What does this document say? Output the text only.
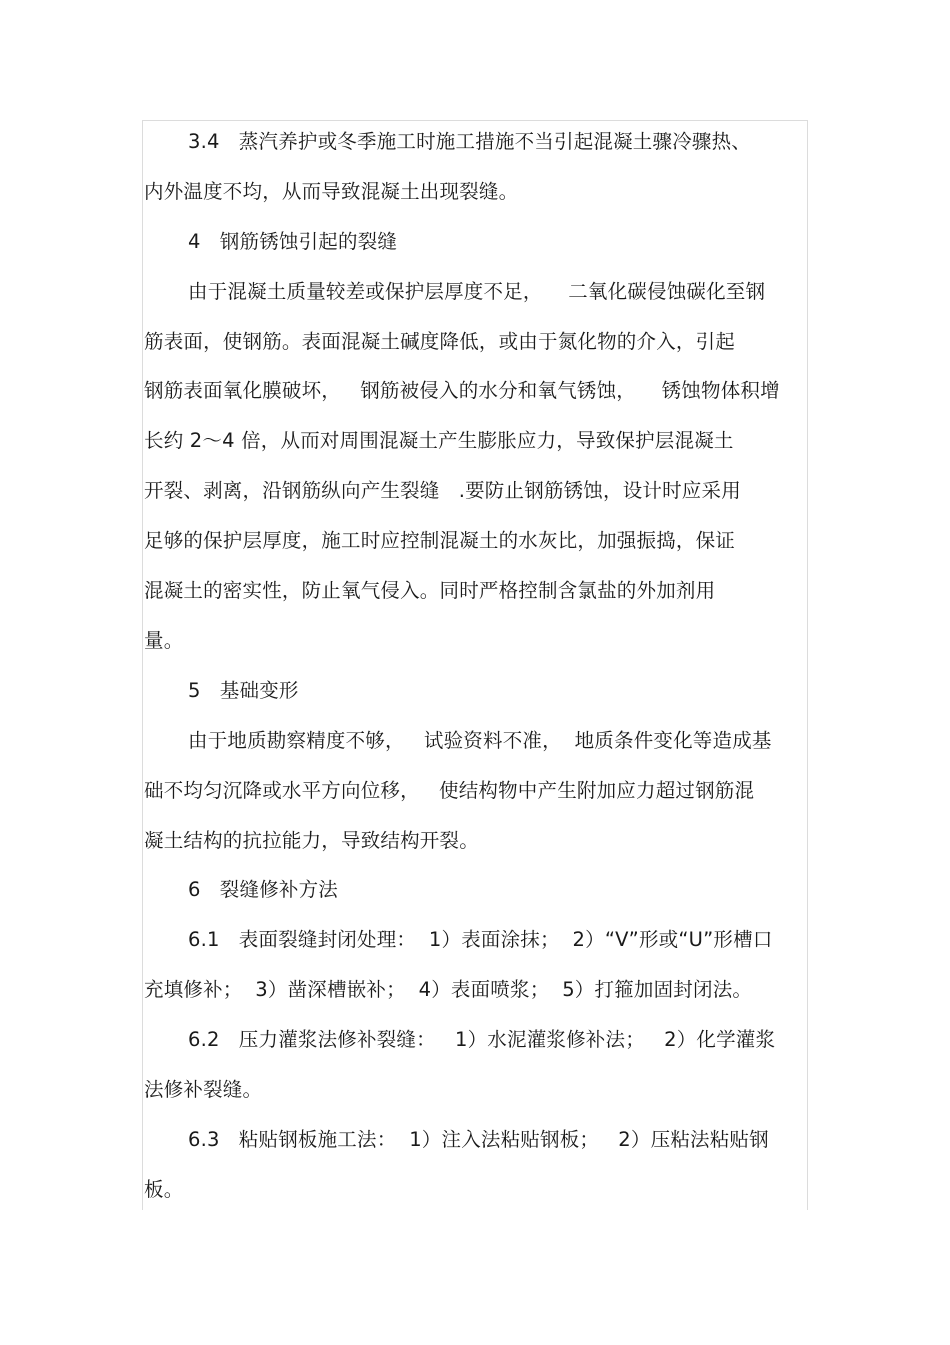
3.4   蒸汽养护或冬季施工时施工措施不当引起混凝土骤冷骤热、
内外温度不均，从而导致混凝土出现裂缝。
4   钢筋锈蚀引起的裂缝
由于混凝土质量较差或保护层厚度不足，    二氧化碳侵蚀碳化至钢
筋表面，使钢筋。表面混凝土碱度降低，或由于氮化物的介入，引起
钢筋表面氧化膜破坏，   钢筋被侵入的水分和氧气锈蚀，    锈蚀物体积增
长约 2～4 倍，从而对周围混凝土产生膨胀应力，导致保护层混凝土
开裂、剥离，沿钢筋纵向产生裂缝   .要防止钢筋锈蚀，设计时应采用
足够的保护层厚度，施工时应控制混凝土的水灰比，加强振捣，保证
混凝土的密实性，防止氧气侵入。同时严格控制含氯盐的外加剂用
量。
5   基础变形
由于地质勘察精度不够，   试验资料不准，  地质条件变化等造成基
础不均匀沉降或水平方向位移，   使结构物中产生附加应力超过钢筋混
凝土结构的抗拉能力，导致结构开裂。
6   裂缝修补方法
6.1   表面裂缝封闭处理：  1）表面涂抹；  2）“V”形或“U”形槽口
充填修补；  3）凿深槽嵌补；  4）表面喷浆；  5）打箍加固封闭法。
6.2   压力灌浆法修补裂缝：   1）水泥灌浆修补法；   2）化学灌浆
法修补裂缝。
6.3   粘贴钢板施工法：  1）注入法粘贴钢板；   2）压粘法粘贴钢
板。
